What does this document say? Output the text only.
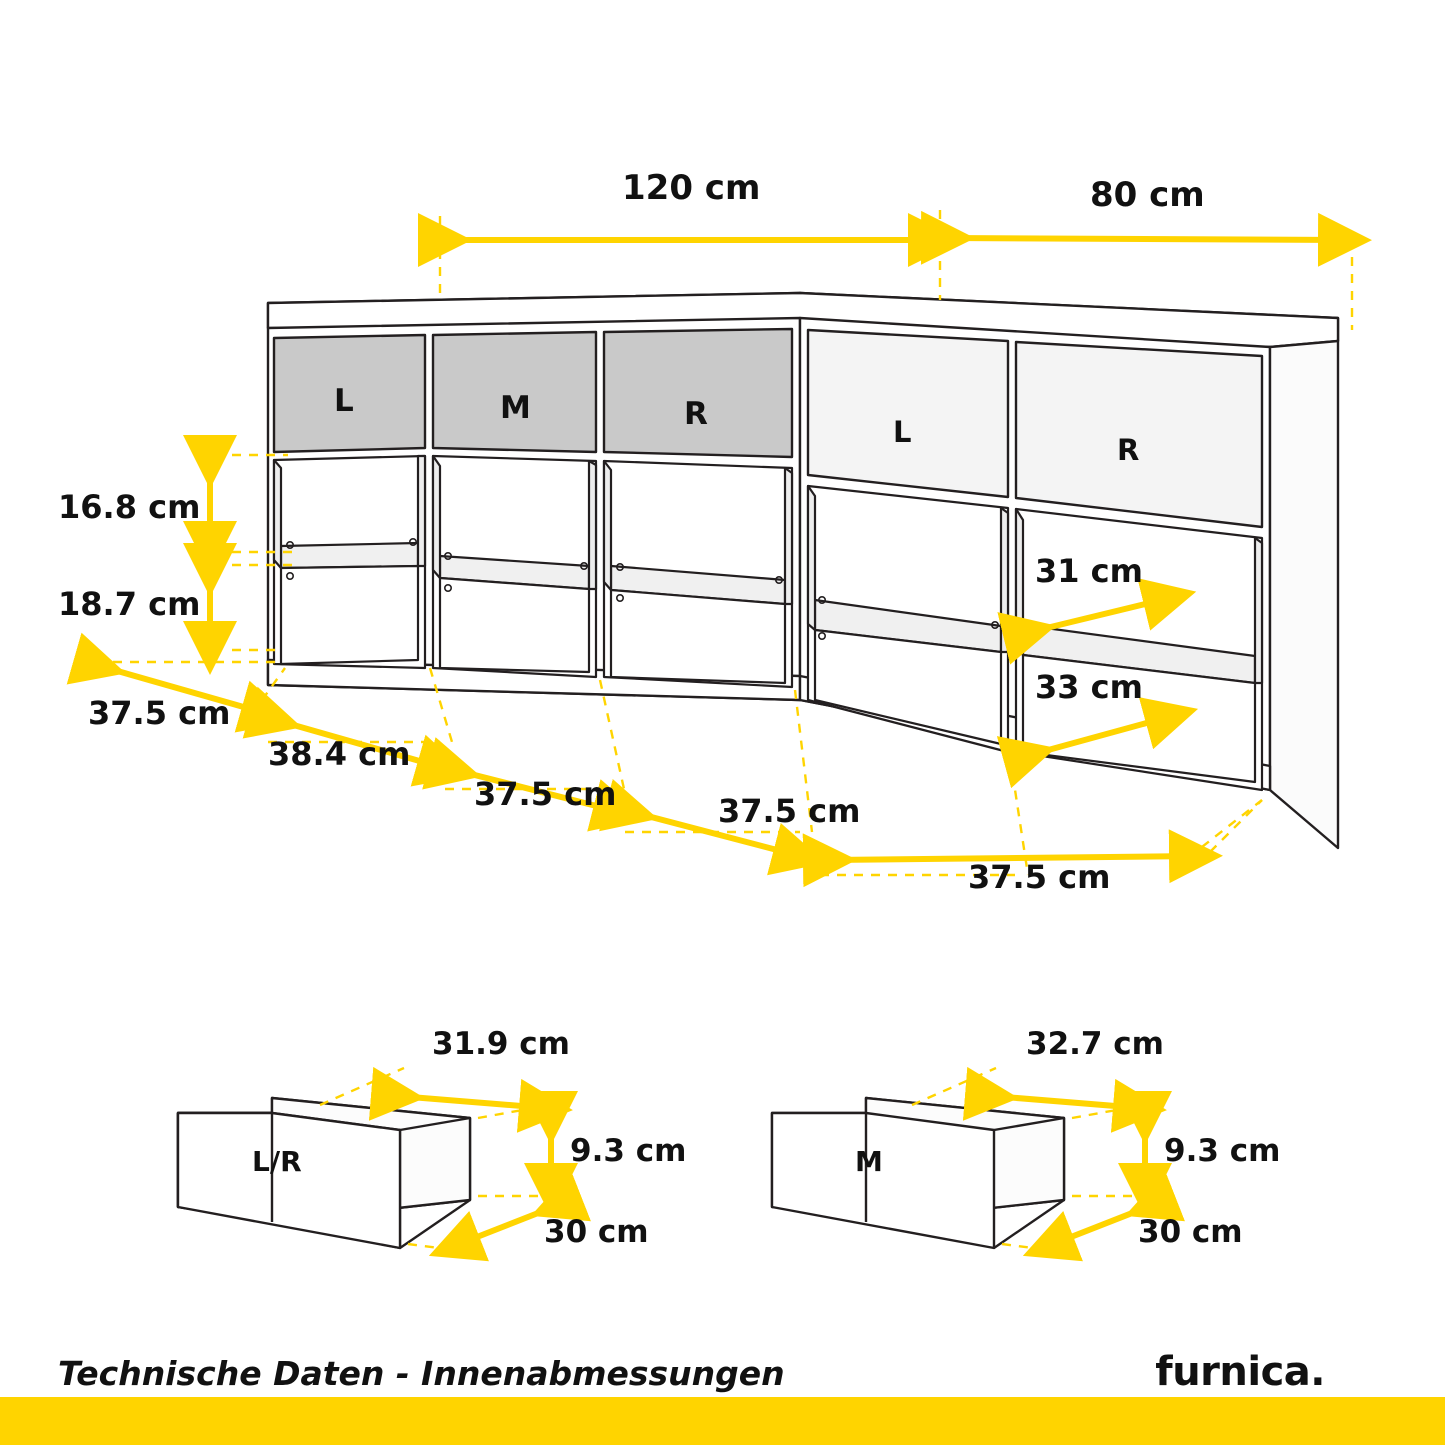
120 cm	80 cm
L	M	R	L
R
16.8 cm
18.7 cm
31 cm
33 cm
37.5 cm
38.4 cm
37.5 cm	37.5 cm
37.5 cm
L/R
31.9 cm
9.3 cm
30 cm
M
32.7 cm
9.3 cm
30 cm
Technische Daten - Innenabmessungen	furnica.
